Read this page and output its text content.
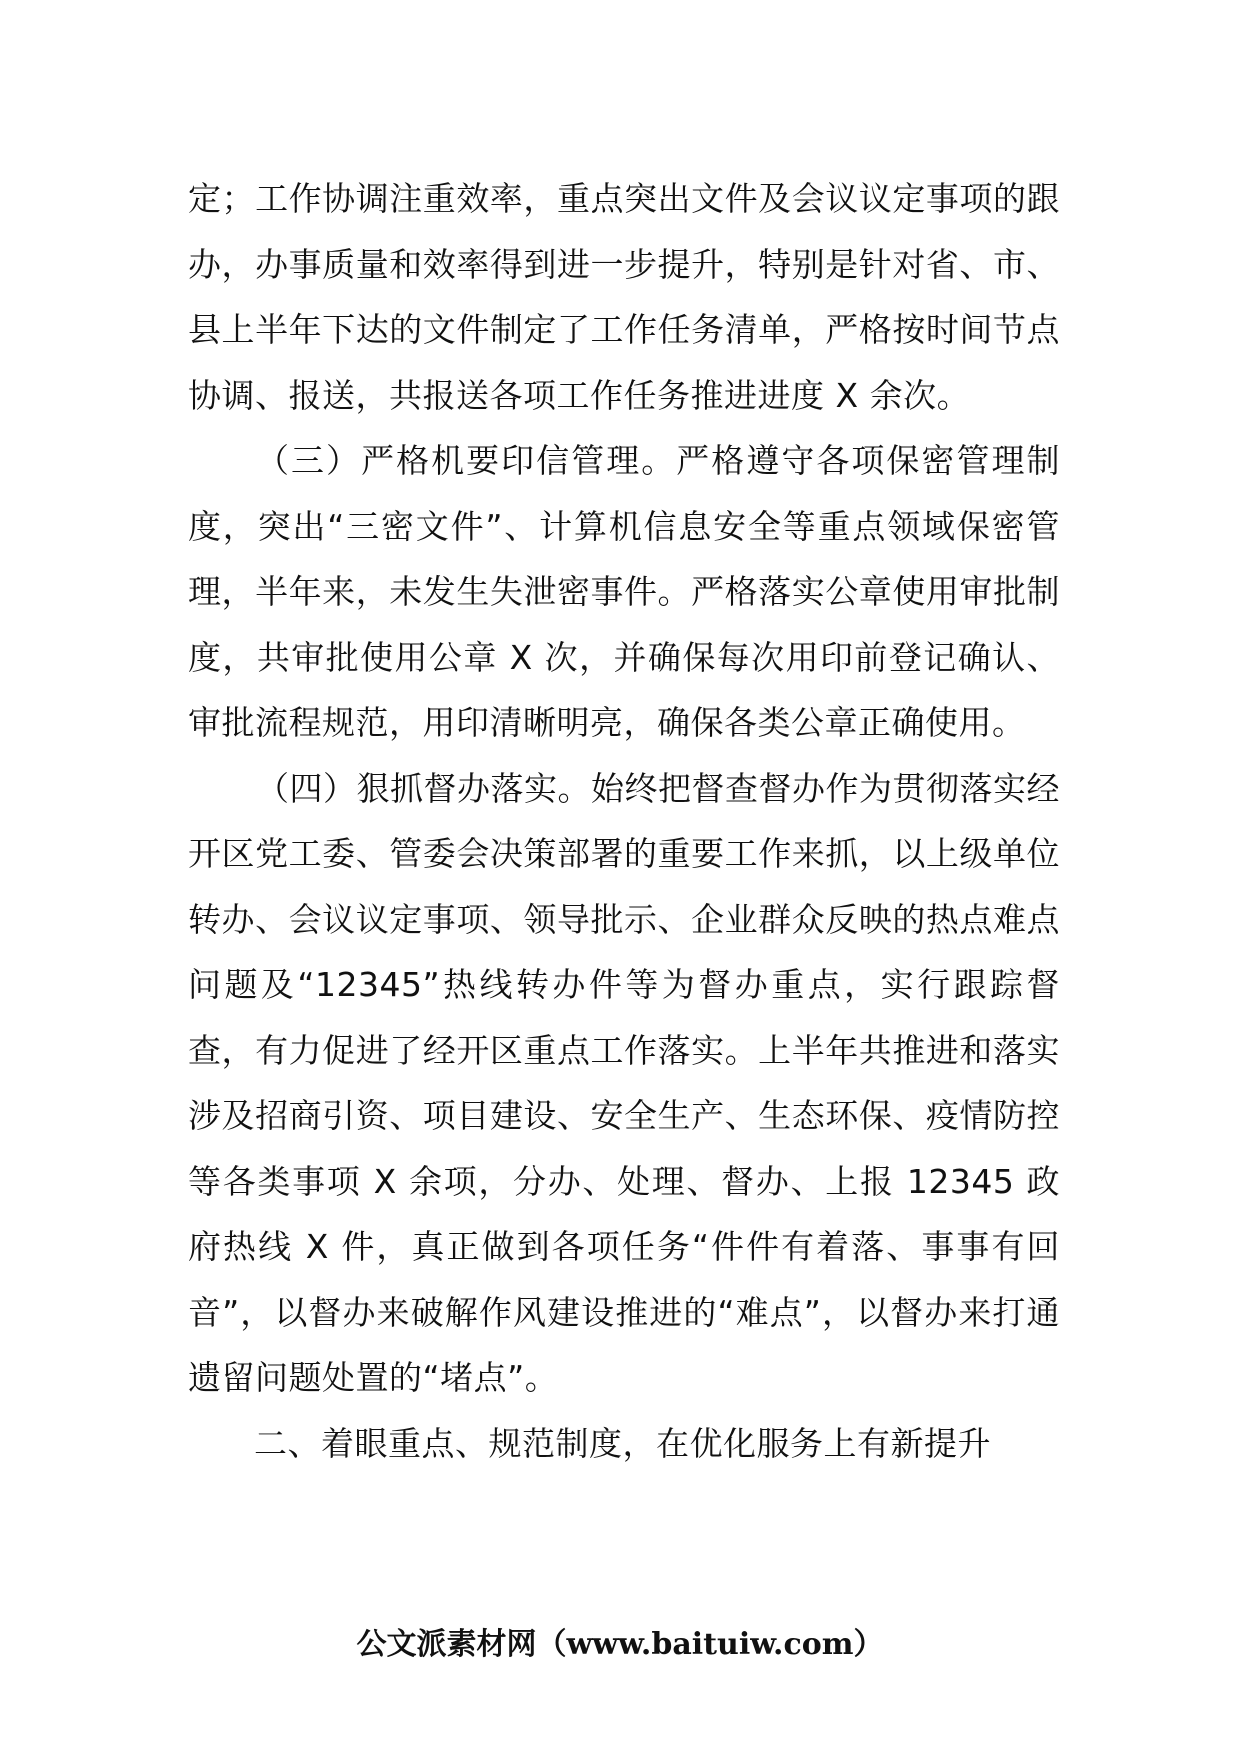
定；工作协调注重效率，重点突出文件及会议议定事项的跟办，办事质量和效率得到进一步提升，特别是针对省、市、县上半年下达的文件制定了工作任务清单，严格按时间节点协调、报送，共报送各项工作任务推进进度 X 余次。

（三）严格机要印信管理。严格遵守各项保密管理制度，突出“三密文件”、计算机信息安全等重点领域保密管理，半年来，未发生失泄密事件。严格落实公章使用审批制度，共审批使用公章 X 次，并确保每次用印前登记确认、审批流程规范，用印清晰明亮，确保各类公章正确使用。

（四）狠抓督办落实。始终把督查督办作为贯彻落实经开区党工委、管委会决策部署的重要工作来抓，以上级单位转办、会议议定事项、领导批示、企业群众反映的热点难点问题及“12345”热线转办件等为督办重点，实行跟踪督查，有力促进了经开区重点工作落实。上半年共推进和落实涉及招商引资、项目建设、安全生产、生态环保、疫情防控等各类事项 X 余项，分办、处理、督办、上报 12345 政府热线 X 件，真正做到各项任务“件件有着落、事事有回音”，以督办来破解作风建设推进的“难点”，以督办来打通遗留问题处置的“堵点”。

二、着眼重点、规范制度，在优化服务上有新提升

公文派素材网（www.baituiw.com）
